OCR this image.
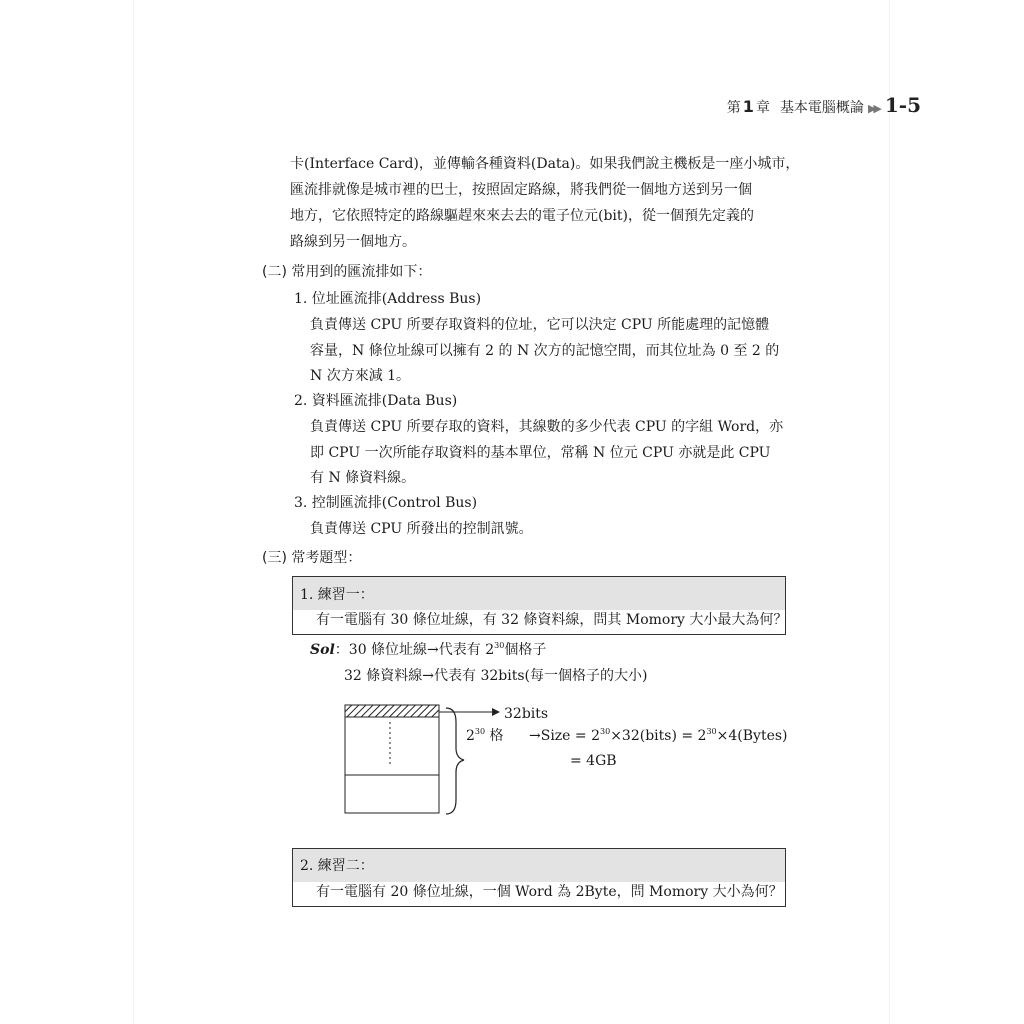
第 1 章 基本電腦概論 ▶▶ 1-5
卡(Interface Card)，並傳輸各種資料(Data)。如果我們說主機板是一座小城市，
匯流排就像是城市裡的巴士，按照固定路線，將我們從一個地方送到另一個
地方，它依照特定的路線驅趕來來去去的電子位元(bit)，從一個預先定義的
路線到另一個地方。
(二) 常用到的匯流排如下：
1. 位址匯流排(Address Bus)
負責傳送 CPU 所要存取資料的位址，它可以決定 CPU 所能處理的記憶體
容量，N 條位址線可以擁有 2 的 N 次方的記憶空間，而其位址為 0 至 2 的
N 次方來減 1。
2. 資料匯流排(Data Bus)
負責傳送 CPU 所要存取的資料，其線數的多少代表 CPU 的字組 Word，亦
即 CPU 一次所能存取資料的基本單位，常稱 N 位元 CPU 亦就是此 CPU
有 N 條資料線。
3. 控制匯流排(Control Bus)
負責傳送 CPU 所發出的控制訊號。
(三) 常考題型：
1. 練習一：
有一電腦有 30 條位址線，有 32 條資料線，問其 Momory 大小最大為何？
Sol：30 條位址線→代表有 $2^{30}$個格子
32 條資料線→代表有 32bits(每一個格子的大小)
32bits
$2^{30}$ 格 →Size = $2^{30}\times 32(bits)$ = $2^{30}\times 4(Bytes)$
= 4GB
2. 練習二：
有一電腦有 20 條位址線，一個 Word 為 2Byte，問 Momory 大小為何？
